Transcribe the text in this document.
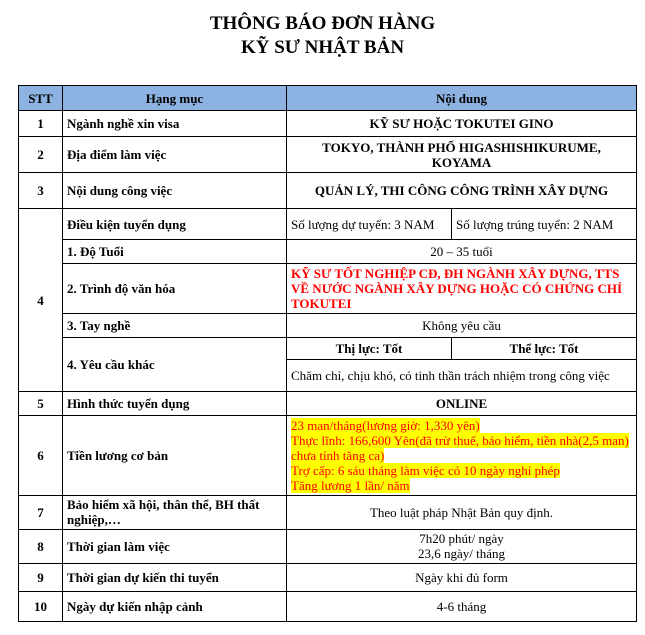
THÔNG BÁO ĐƠN HÀNG
KỸ SƯ NHẬT BẢN
STT	Hạng mục	Nội dung	
1	Ngành nghề xin visa	KỸ SƯ HOẶC TOKUTEI GINO	
2	Địa điểm làm việc	TOKYO, THÀNH PHỐ HIGASHISHIKURUME, KOYAMA	
3	Nội dung công việc	QUẢN LÝ, THI CÔNG CÔNG TRÌNH XÂY DỰNG	
4	Điều kiện tuyển dụng	Số lượng dự tuyển: 3 NAM	Số lượng trúng tuyển: 2 NAM
	1. Độ Tuổi	20 – 35 tuổi	
	2. Trình độ văn hóa	KỸ SƯ TỐT NGHIỆP CĐ, ĐH NGÀNH XÂY DỰNG, TTS VỀ NƯỚC NGÀNH XÂY DỰNG HOẶC CÓ CHỨNG CHỈ TOKUTEI	
	3. Tay nghề	Không yêu cầu	
	4. Yêu cầu khác	Thị lực: Tốt	Thể lực: Tốt
		Chăm chỉ, chịu khó, có tinh thần trách nhiệm trong công việc	
5	Hình thức tuyển dụng	ONLINE	
6	Tiền lương cơ bản	23 man/tháng(lương giờ: 1,330 yên)
Thực lĩnh: 166,600 Yên(đã trừ thuế, bảo hiểm, tiền nhà(2,5 man) chưa tính tăng ca)
Trợ cấp: 6 sáu tháng làm việc có 10 ngày nghỉ phép
Tăng lương 1 lần/ năm	
7	Bảo hiểm xã hội, thân thể, BH thất nghiệp,…	Theo luật pháp Nhật Bản quy định.	
8	Thời gian làm việc	7h20 phút/ ngày
23,6 ngày/ tháng	
9	Thời gian dự kiến thi tuyển	Ngày khi đủ form	
10	Ngày dự kiến nhập cảnh	4-6 tháng	
